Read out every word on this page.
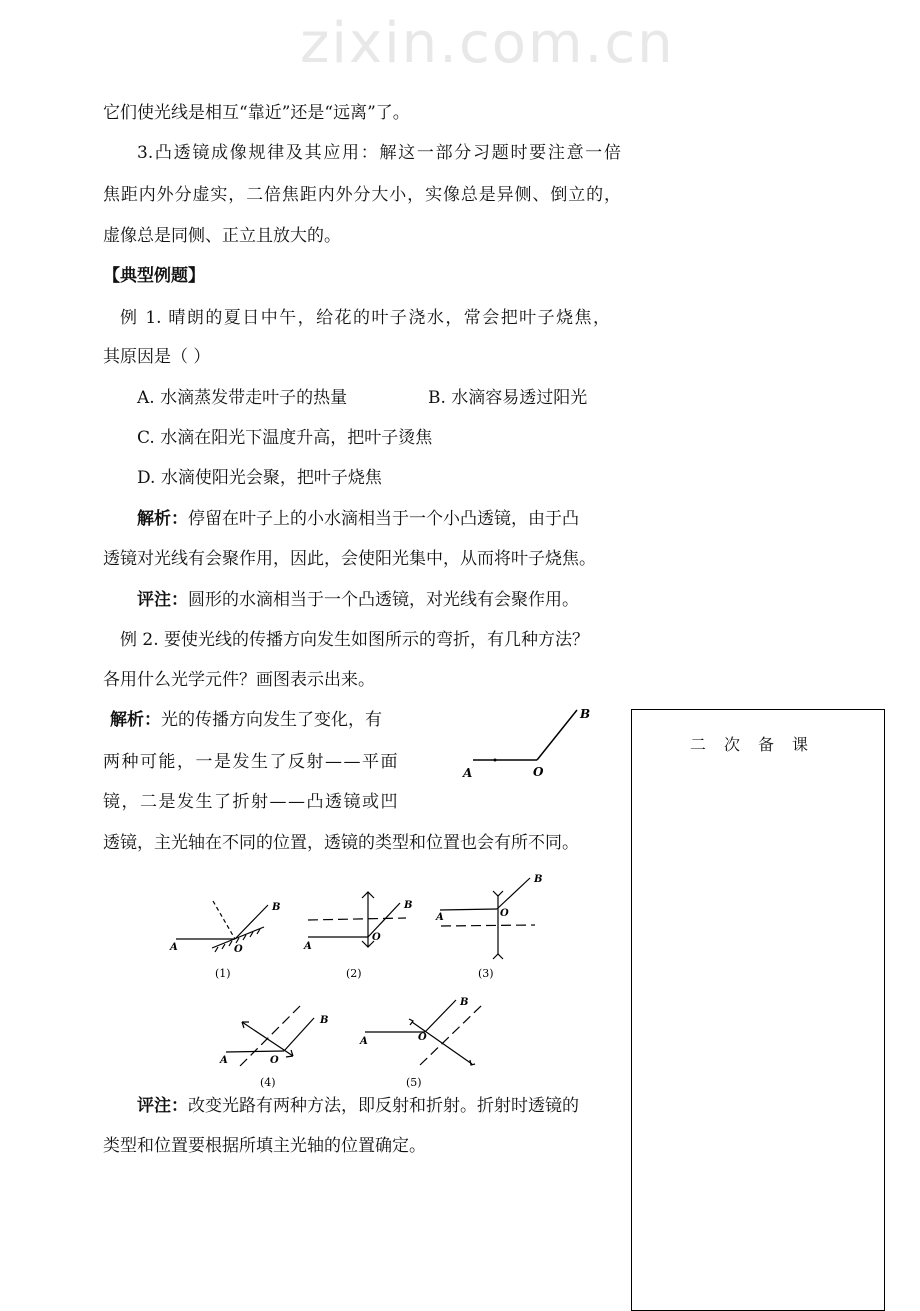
zixin.com.cn
它们使光线是相互“靠近”还是“远离”了。
3.凸透镜成像规律及其应用：解这一部分习题时要注意一倍
焦距内外分虚实，二倍焦距内外分大小，实像总是异侧、倒立的，
虚像总是同侧、正立且放大的。
【典型例题】
例 1. 晴朗的夏日中午，给花的叶子浇水，常会把叶子烧焦，
其原因是（ ）
A. 水滴蒸发带走叶子的热量	B. 水滴容易透过阳光
C. 水滴在阳光下温度升高，把叶子烫焦
D. 水滴使阳光会聚，把叶子烧焦
解析：停留在叶子上的小水滴相当于一个小凸透镜，由于凸
透镜对光线有会聚作用，因此，会使阳光集中，从而将叶子烧焦。
评注：圆形的水滴相当于一个凸透镜，对光线有会聚作用。
例 2. 要使光线的传播方向发生如图所示的弯折，有几种方法？
各用什么光学元件？画图表示出来。
解析：光的传播方向发生了变化，有
两种可能，一是发生了反射——平面
镜，二是发生了折射——凸透镜或凹
透镜，主光轴在不同的位置，透镜的类型和位置也会有所不同。
A	O
B
A	O
B
A
O
B
A	O
B
A	O
B
A	O
B
(1)	(2)	(3)
(4)	(5)
评注：改变光路有两种方法，即反射和折射。折射时透镜的
类型和位置要根据所填主光轴的位置确定。
二次备课
